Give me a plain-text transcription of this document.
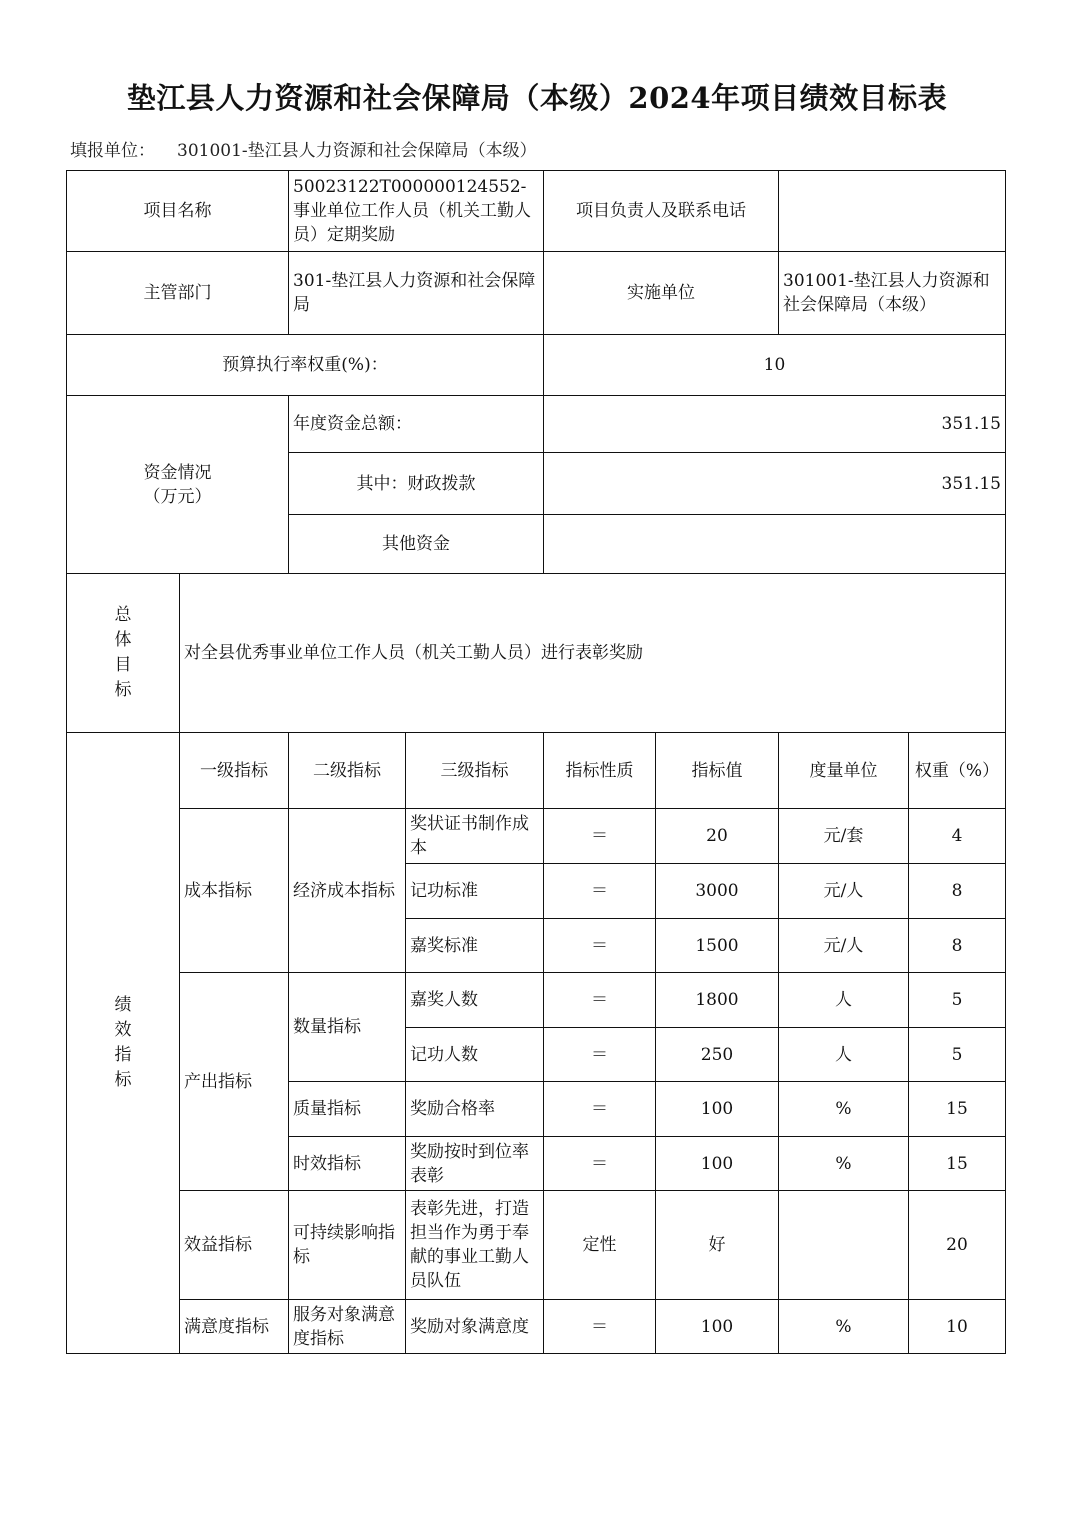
垫江县人力资源和社会保障局（本级）2024年项目绩效目标表
填报单位： 301001-垫江县人力资源和社会保障局（本级）
项目名称		50023122T000000124552-事业单位工作人员（机关工勤人员）定期奖励		项目负责人及联系电话			
主管部门		301-垫江县人力资源和社会保障局		实施单位		301001-垫江县人力资源和社会保障局（本级）	
预算执行率权重(%)：				10			

资金情况
（万元）		年度资金总额：		351.15			
		其中：财政拨款		351.15			
		其他资金					

总
体
目
标	对全县优秀事业单位工作人员（机关工勤人员）进行表彰奖励						

绩
效
指
标	一级指标	二级指标	三级指标	指标性质	指标值	度量单位	权重（%）
	成本指标	经济成本指标	奖状证书制作成本	＝	20	元/套	4
			记功标准	＝	3000	元/人	8
			嘉奖标准	＝	1500	元/人	8
	产出指标	数量指标	嘉奖人数	＝	1800	人	5
			记功人数	＝	250	人	5
		质量指标	奖励合格率	＝	100	%	15
		时效指标	奖励按时到位率表彰	＝	100	%	15
	效益指标	可持续影响指标	表彰先进，打造担当作为勇于奉献的事业工勤人员队伍	定性	好		20
	满意度指标	服务对象满意度指标	奖励对象满意度	＝	100	%	10
